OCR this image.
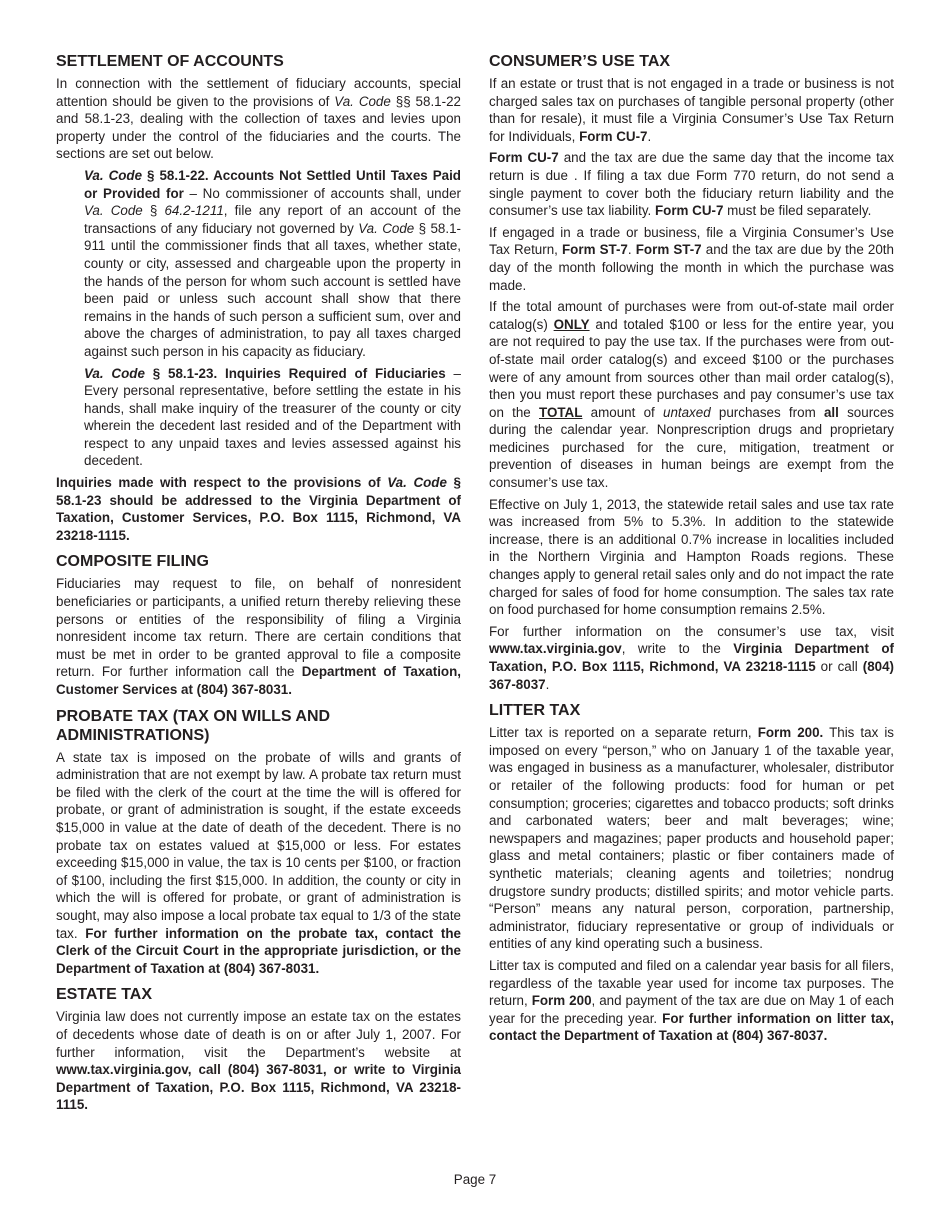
SETTLEMENT OF ACCOUNTS

In connection with the settlement of fiduciary accounts, special attention should be given to the provisions of Va. Code §§ 58.1-22 and 58.1-23, dealing with the collection of taxes and levies upon property under the control of the fiduciaries and the courts. The sections are set out below.

Va. Code § 58.1-22. Accounts Not Settled Until Taxes Paid or Provided for – No commissioner of accounts shall, under Va. Code § 64.2-1211, file any report of an account of the transactions of any fiduciary not governed by Va. Code § 58.1-911 until the commissioner finds that all taxes, whether state, county or city, assessed and chargeable upon the property in the hands of the person for whom such account is settled have been paid or unless such account shall show that there remains in the hands of such person a sufficient sum, over and above the charges of administration, to pay all taxes charged against such person in his capacity as fiduciary.

Va. Code § 58.1-23. Inquiries Required of Fiduciaries – Every personal representative, before settling the estate in his hands, shall make inquiry of the treasurer of the county or city wherein the decedent last resided and of the Department with respect to any unpaid taxes and levies assessed against his decedent.

Inquiries made with respect to the provisions of Va. Code § 58.1-23 should be addressed to the Virginia Department of Taxation, Customer Services, P.O. Box 1115, Richmond, VA 23218-1115.

COMPOSITE FILING

Fiduciaries may request to file, on behalf of nonresident beneficiaries or participants, a unified return thereby relieving these persons or entities of the responsibility of filing a Virginia nonresident income tax return. There are certain conditions that must be met in order to be granted approval to file a composite return. For further information call the Department of Taxation, Customer Services at (804) 367-8031.

PROBATE TAX (TAX ON WILLS AND ADMINISTRATIONS)

A state tax is imposed on the probate of wills and grants of administration that are not exempt by law. A probate tax return must be filed with the clerk of the court at the time the will is offered for probate, or grant of administration is sought, if the estate exceeds $15,000 in value at the date of death of the decedent. There is no probate tax on estates valued at $15,000 or less. For estates exceeding $15,000 in value, the tax is 10 cents per $100, or fraction of $100, including the first $15,000. In addition, the county or city in which the will is offered for probate, or grant of administration is sought, may also impose a local probate tax equal to 1/3 of the state tax. For further information on the probate tax, contact the Clerk of the Circuit Court in the appropriate jurisdiction, or the Department of Taxation at (804) 367-8031.

ESTATE TAX

Virginia law does not currently impose an estate tax on the estates of decedents whose date of death is on or after July 1, 2007. For further information, visit the Department’s website at www.tax.virginia.gov, call (804) 367-8031, or write to Virginia Department of Taxation, P.O. Box 1115, Richmond, VA 23218-1115.

CONSUMER’S USE TAX

If an estate or trust that is not engaged in a trade or business is not charged sales tax on purchases of tangible personal property (other than for resale), it must file a Virginia Consumer’s Use Tax Return for Individuals, Form CU-7.

Form CU-7 and the tax are due the same day that the income tax return is due . If filing a tax due Form 770 return, do not send a single payment to cover both the fiduciary return liability and the consumer’s use tax liability. Form CU-7 must be filed separately.

If engaged in a trade or business, file a Virginia Consumer’s Use Tax Return, Form ST-7. Form ST-7 and the tax are due by the 20th day of the month following the month in which the purchase was made.

If the total amount of purchases were from out-of-state mail order catalog(s) ONLY and totaled $100 or less for the entire year, you are not required to pay the use tax. If the purchases were from out-of-state mail order catalog(s) and exceed $100 or the purchases were of any amount from sources other than mail order catalog(s), then you must report these purchases and pay consumer’s use tax on the TOTAL amount of untaxed purchases from all sources during the calendar year. Nonprescription drugs and proprietary medicines purchased for the cure, mitigation, treatment or prevention of diseases in human beings are exempt from the consumer’s use tax.

Effective on July 1, 2013, the statewide retail sales and use tax rate was increased from 5% to 5.3%. In addition to the statewide increase, there is an additional 0.7% increase in localities included in the Northern Virginia and Hampton Roads regions. These changes apply to general retail sales only and do not impact the rate charged for sales of food for home consumption. The sales tax rate on food purchased for home consumption remains 2.5%.

For further information on the consumer’s use tax, visit www.tax.virginia.gov, write to the Virginia Department of Taxation, P.O. Box 1115, Richmond, VA 23218-1115 or call (804) 367-8037.

LITTER TAX

Litter tax is reported on a separate return, Form 200. This tax is imposed on every “person,” who on January 1 of the taxable year, was engaged in business as a manufacturer, wholesaler, distributor or retailer of the following products: food for human or pet consumption; groceries; cigarettes and tobacco products; soft drinks and carbonated waters; beer and malt beverages; wine; newspapers and magazines; paper products and household paper; glass and metal containers; plastic or fiber containers made of synthetic materials; cleaning agents and toiletries; nondrug drugstore sundry products; distilled spirits; and motor vehicle parts. “Person” means any natural person, corporation, partnership, administrator, fiduciary representative or group of individuals or entities of any kind operating such a business.

Litter tax is computed and filed on a calendar year basis for all filers, regardless of the taxable year used for income tax purposes. The return, Form 200, and payment of the tax are due on May 1 of each year for the preceding year. For further information on litter tax, contact the Department of Taxation at (804) 367-8037.

Page 7
